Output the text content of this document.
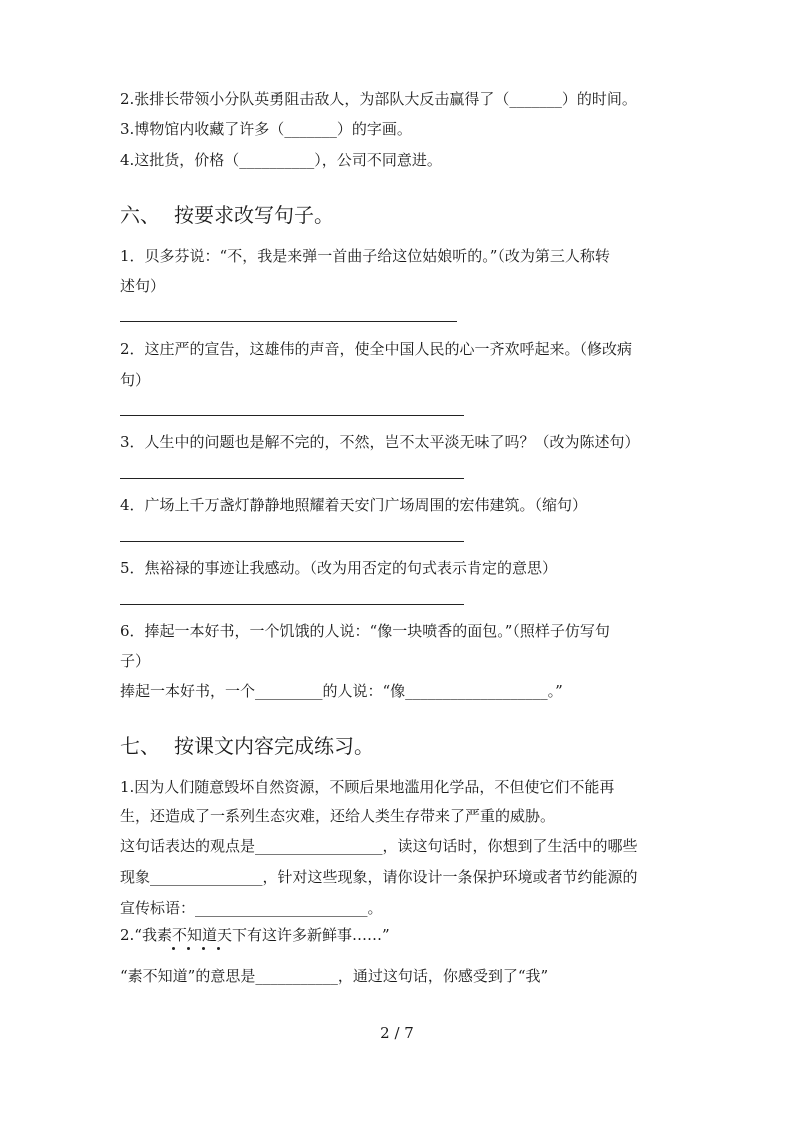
2.张排长带领小分队英勇阻击敌人，为部队大反击赢得了（_______）的时间。
3.博物馆内收藏了许多（_______）的字画。
4.这批货，价格（__________），公司不同意进。
六、 按要求改写句子。
1．贝多芬说：“不，我是来弹一首曲子给这位姑娘听的。”（改为第三人称转
述句）
2．这庄严的宣告，这雄伟的声音，使全中国人民的心一齐欢呼起来。（修改病
句）
3．人生中的问题也是解不完的，不然，岂不太平淡无味了吗？（改为陈述句）
4．广场上千万盏灯静静地照耀着天安门广场周围的宏伟建筑。（缩句）
5．焦裕禄的事迹让我感动。（改为用否定的句式表示肯定的意思）
6．捧起一本好书，一个饥饿的人说：“像一块喷香的面包。”（照样子仿写句
子）
捧起一本好书，一个_________的人说：“像___________________。”
七、 按课文内容完成练习。
1.因为人们随意毁坏自然资源，不顾后果地滥用化学品，不但使它们不能再
生，还造成了一系列生态灾难，还给人类生存带来了严重的威胁。
这句话表达的观点是_________________，读这句话时，你想到了生活中的哪些
现象_______________，针对这些现象，请你设计一条保护环境或者节约能源的
宣传标语：_______________________。
2.“我素不知道天下有这许多新鲜事……”
“素不知道”的意思是___________，通过这句话，你感受到了“我”
2 / 7
